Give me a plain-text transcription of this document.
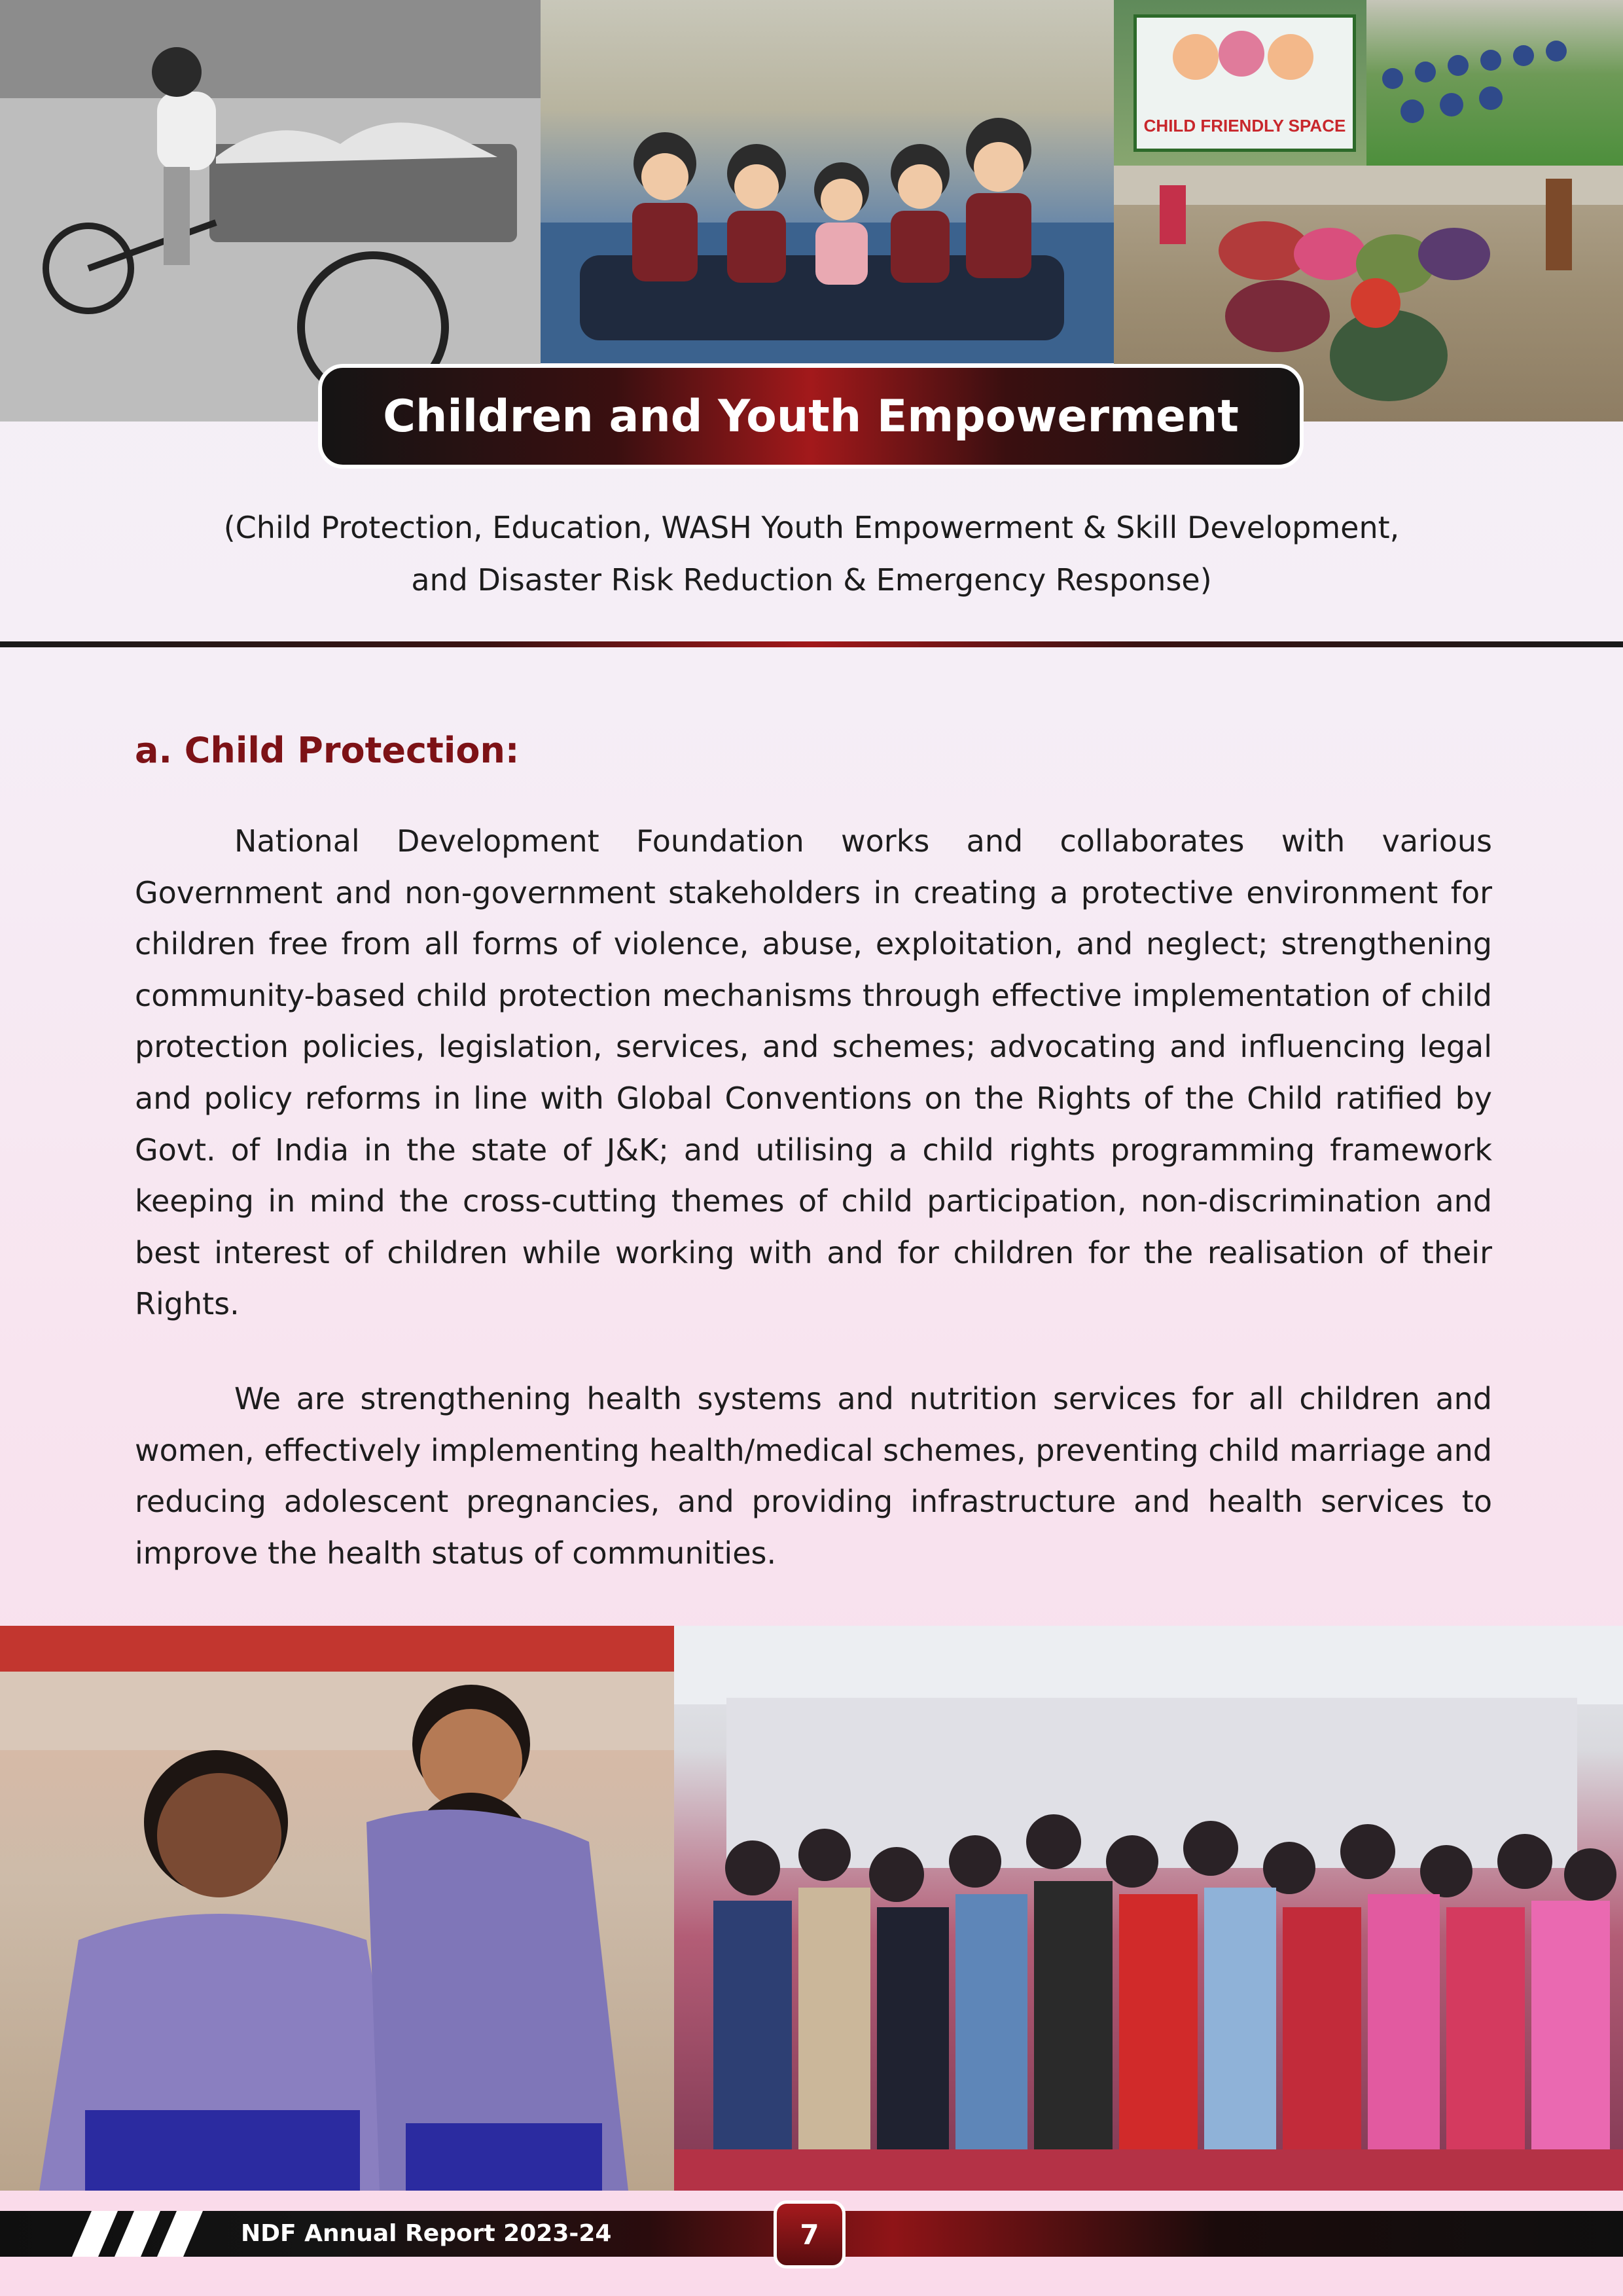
CHILD FRIENDLY SPACE
Children and Youth Empowerment
(Child Protection, Education, WASH Youth Empowerment & Skill Development,
and Disaster Risk Reduction & Emergency Response)
a. Child Protection:

National Development Foundation works and collaborates with various Government and non-government stakeholders in creating a protective environment for children free from all forms of violence, abuse, exploitation, and neglect; strengthening community-based child protection mechanisms through effective implementation of child protection policies, legislation, services, and schemes; advocating and influencing legal and policy reforms in line with Global Conventions on the Rights of the Child ratified by Govt. of India in the state of J&K; and utilising a child rights programming framework keeping in mind the cross-cutting themes of child participation, non-discrimination and best interest of children while working with and for children for the realisation of their Rights.

We are strengthening health systems and nutrition services for all children and women, effectively implementing health/medical schemes, preventing child marriage and reducing adolescent pregnancies, and providing infrastructure and health services to improve the health status of communities.

NDF Annual Report 2023-24	7
